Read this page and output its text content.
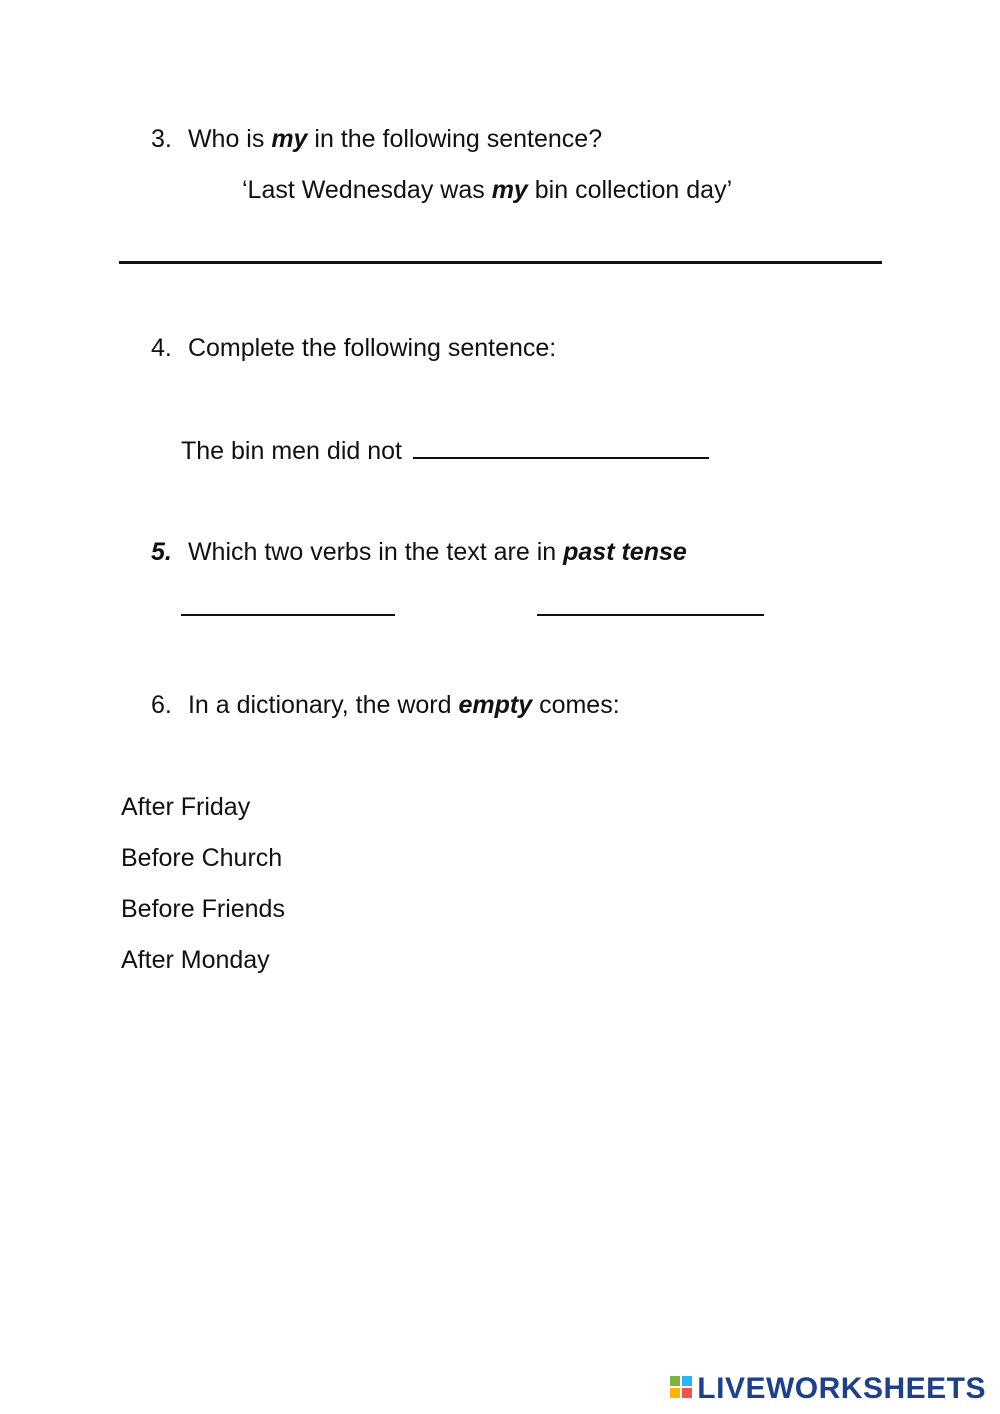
3. Who is my in the following sentence?
‘Last Wednesday was my bin collection day’
4. Complete the following sentence:
The bin men did not
5. Which two verbs in the text are in past tense
6. In a dictionary, the word empty comes:
After Friday
Before Church
Before Friends
After Monday
LIVEWORKSHEETS
